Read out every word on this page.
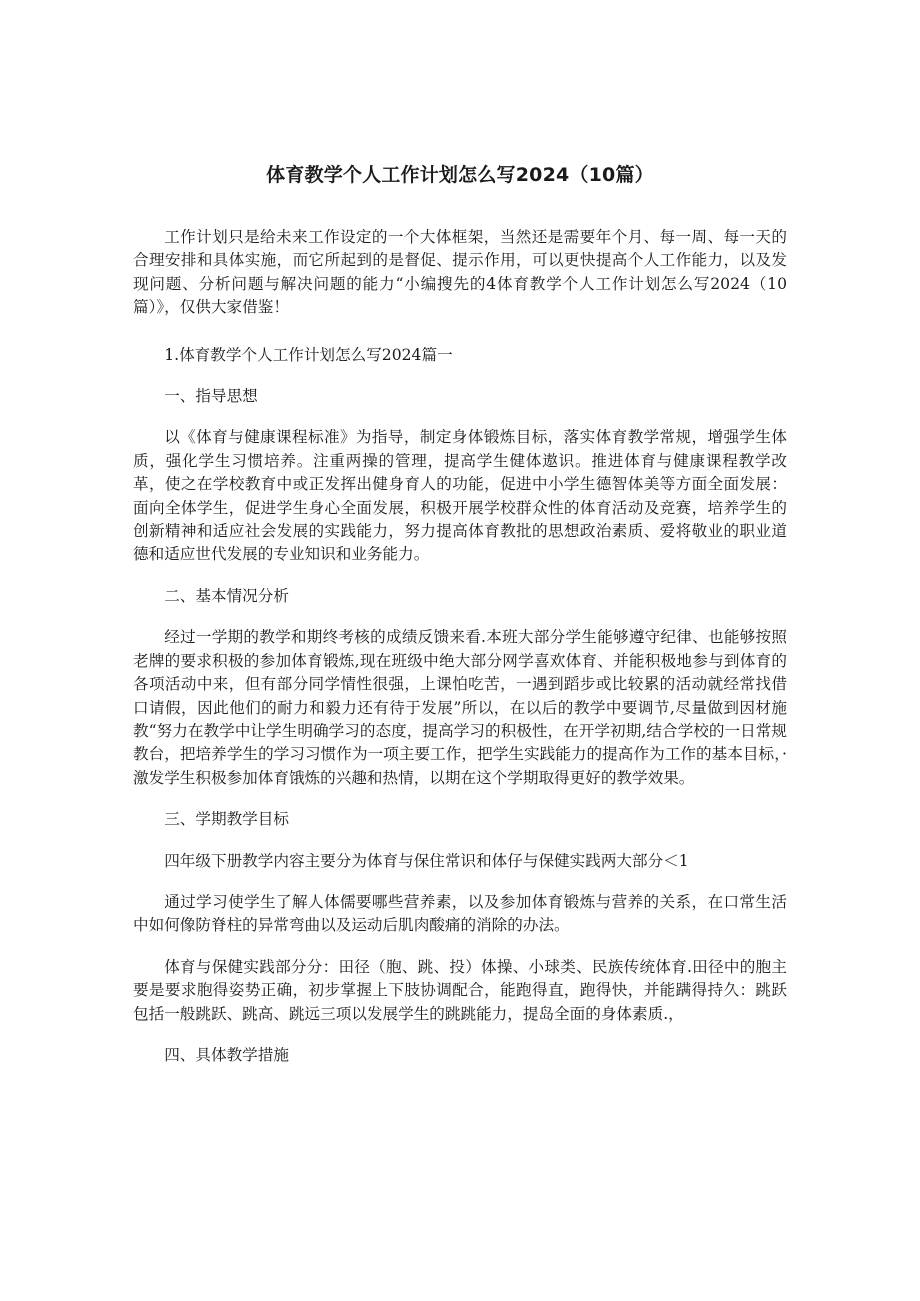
体育教学个人工作计划怎么写2024（10篇）

工作计划只是给未来工作设定的一个大体框架，当然还是需要年个月、每一周、每一天的合理安排和具体实施，而它所起到的是督促、提示作用，可以更快提高个人工作能力，以及发现问题、分析问题与解决问题的能力“小编搜先的4体育教学个人工作计划怎么写2024（10篇）》，仅供大家借鉴！

1.体育教学个人工作计划怎么写2024篇一

一、指导思想

以《体育与健康课程标准》为指导，制定身体锻炼目标，落实体育教学常规，增强学生体质，强化学生习惯培养。注重两操的管理，提高学生健体遨识。推进体育与健康课程教学改革，使之在学校教育中或正发挥出健身育人的功能，促进中小学生德智体美等方面全面发展：面向全体学生，促进学生身心全面发展，积极开展学校群众性的体育活动及竞赛，培养学生的创新精神和适应社会发展的实践能力，努力提高体育教批的思想政治素质、爱将敬业的职业道德和适应世代发展的专业知识和业务能力。

二、基本情况分析

经过一学期的教学和期终考核的成绩反馈来看.本班大部分学生能够遵守纪律、也能够按照老牌的要求积极的参加体育锻炼,现在班级中绝大部分网学喜欢体育、并能积极地参与到体育的各项活动中来，但有部分同学情性很强，上课怕吃苦，一遇到蹈步或比较累的活动就经常找借口请假，因此他们的耐力和毅力还有待于发展”所以，在以后的教学中要调节,尽量做到因材施教“努力在教学中让学生明确学习的态度，提高学习的积极性，在开学初期,结合学校的一日常规教台，把培养学生的学习习惯作为一项主要工作，把学生实践能力的提高作为工作的基本目标，·激发学生积极参加体育饿炼的兴趣和热情，以期在这个学期取得更好的教学效果。

三、学期教学目标

四年级下册教学内容主要分为体育与保住常识和体仔与保健实践两大部分＜1

通过学习使学生了解人体儒要哪些营养素，以及参加体育锻炼与营养的关系，在口常生活中如何像防脊柱的异常弯曲以及运动后肌肉酸痛的消除的办法。

体育与保健实践部分分：田径（胞、跳、投）体操、小球类、民族传统体育.田径中的胞主要是要求胞得姿势正确，初步掌握上下肢协调配合，能跑得直，跑得快，并能蹒得持久：跳跃包括一般跳跃、跳高、跳远三项以发展学生的跳跳能力，提岛全面的身体素质.，

四、具体教学措施
